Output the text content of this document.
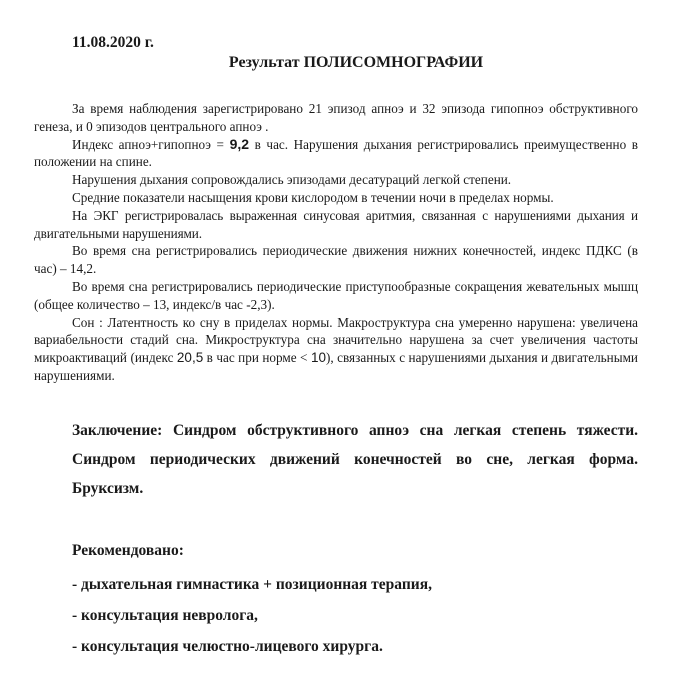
11.08.2020 г.
Результат ПОЛИСОМНОГРАФИИ

За время наблюдения зарегистрировано 21 эпизод апноэ и 32 эпизода гипопноэ обструктивного генеза, и 0 эпизодов центрального апноэ .

Индекс апноэ+гипопноэ = 9,2 в час. Нарушения дыхания регистрировались преимущественно в положении на спине.

Нарушения дыхания сопровождались эпизодами десатураций легкой степени.

Средние показатели насыщения крови кислородом в течении ночи в пределах нормы.

На ЭКГ регистрировалась выраженная синусовая аритмия, связанная с нарушениями дыхания и двигательными нарушениями.

Во время сна регистрировались периодические движения нижних конечностей, индекс ПДКС (в час) – 14,2.

Во время сна регистрировались периодические приступообразные сокращения жевательных мышц (общее количество – 13, индекс/в час -2,3).

Сон : Латентность ко сну в приделах нормы. Макроструктура сна умеренно нарушена: увеличена вариабельности стадий сна. Микроструктура сна значительно нарушена за счет увеличения частоты микроактиваций (индекс 20,5 в час при норме < 10), связанных с нарушениями дыхания и двигательными нарушениями.

Заключение: Синдром обструктивного апноэ сна легкая степень тяжести. Синдром периодических движений конечностей во сне, легкая форма. Бруксизм.
Рекомендовано:
- дыхательная гимнастика + позиционная терапия,
- консультация невролога,
- консультация челюстно-лицевого хирурга.
